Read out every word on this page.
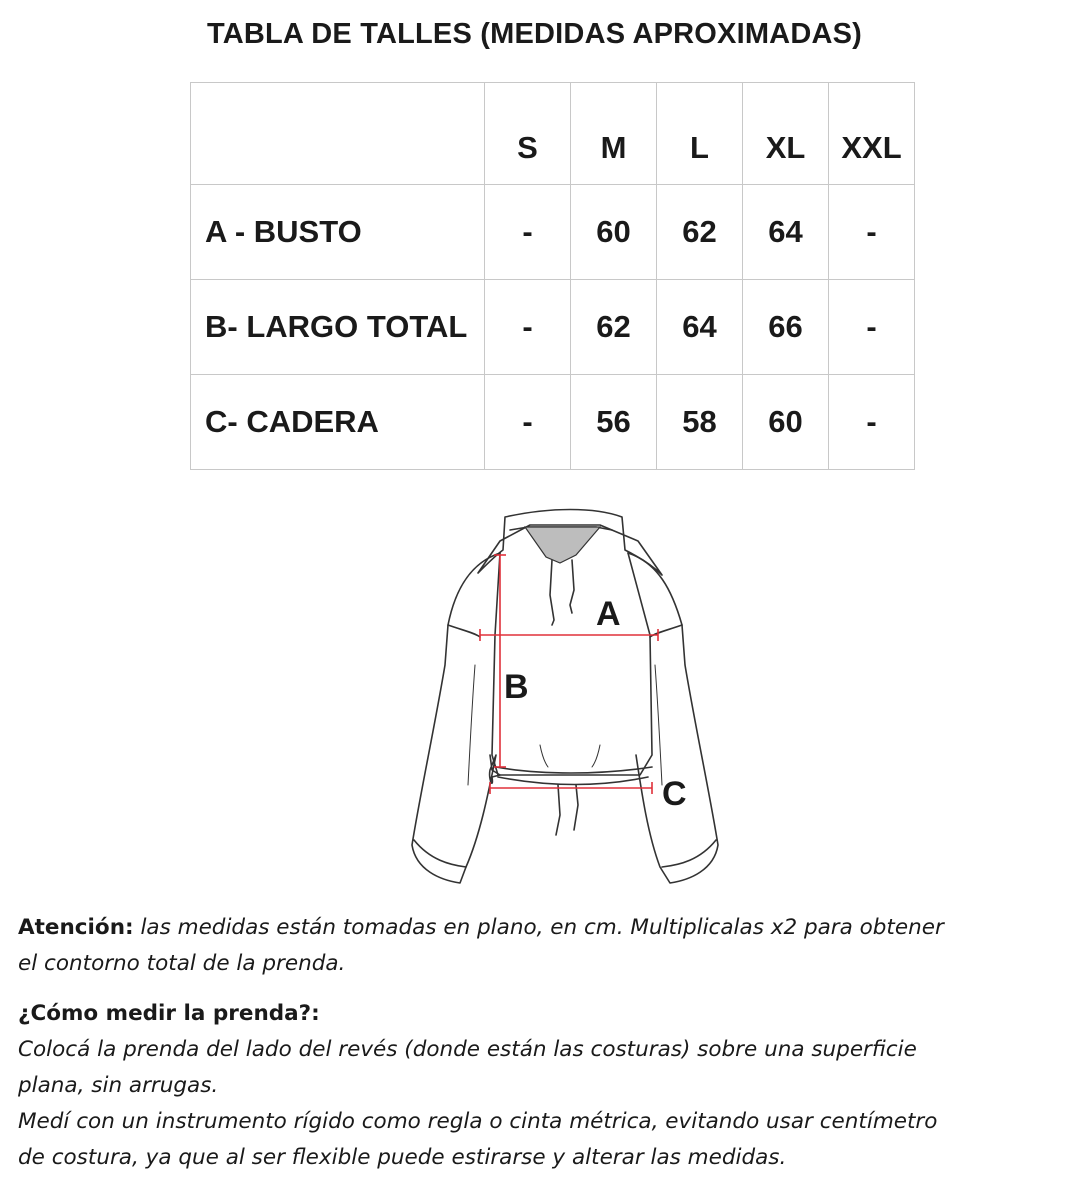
TABLA DE TALLES (MEDIDAS APROXIMADAS)
	S	M	L	XL	XXL
A - BUSTO	-	60	62	64	-
B- LARGO TOTAL	-	62	64	66	-
C- CADERA	-	56	58	60	-
A
B
C

Atención: las medidas están tomadas en plano, en cm. Multiplicalas x2 para obtener

el contorno total de la prenda.

¿Cómo medir la prenda?:

Colocá la prenda del lado del revés (donde están las costuras) sobre una superficie

plana, sin arrugas.

Medí con un instrumento rígido como regla o cinta métrica, evitando usar centímetro

de costura, ya que al ser flexible puede estirarse y alterar las medidas.
